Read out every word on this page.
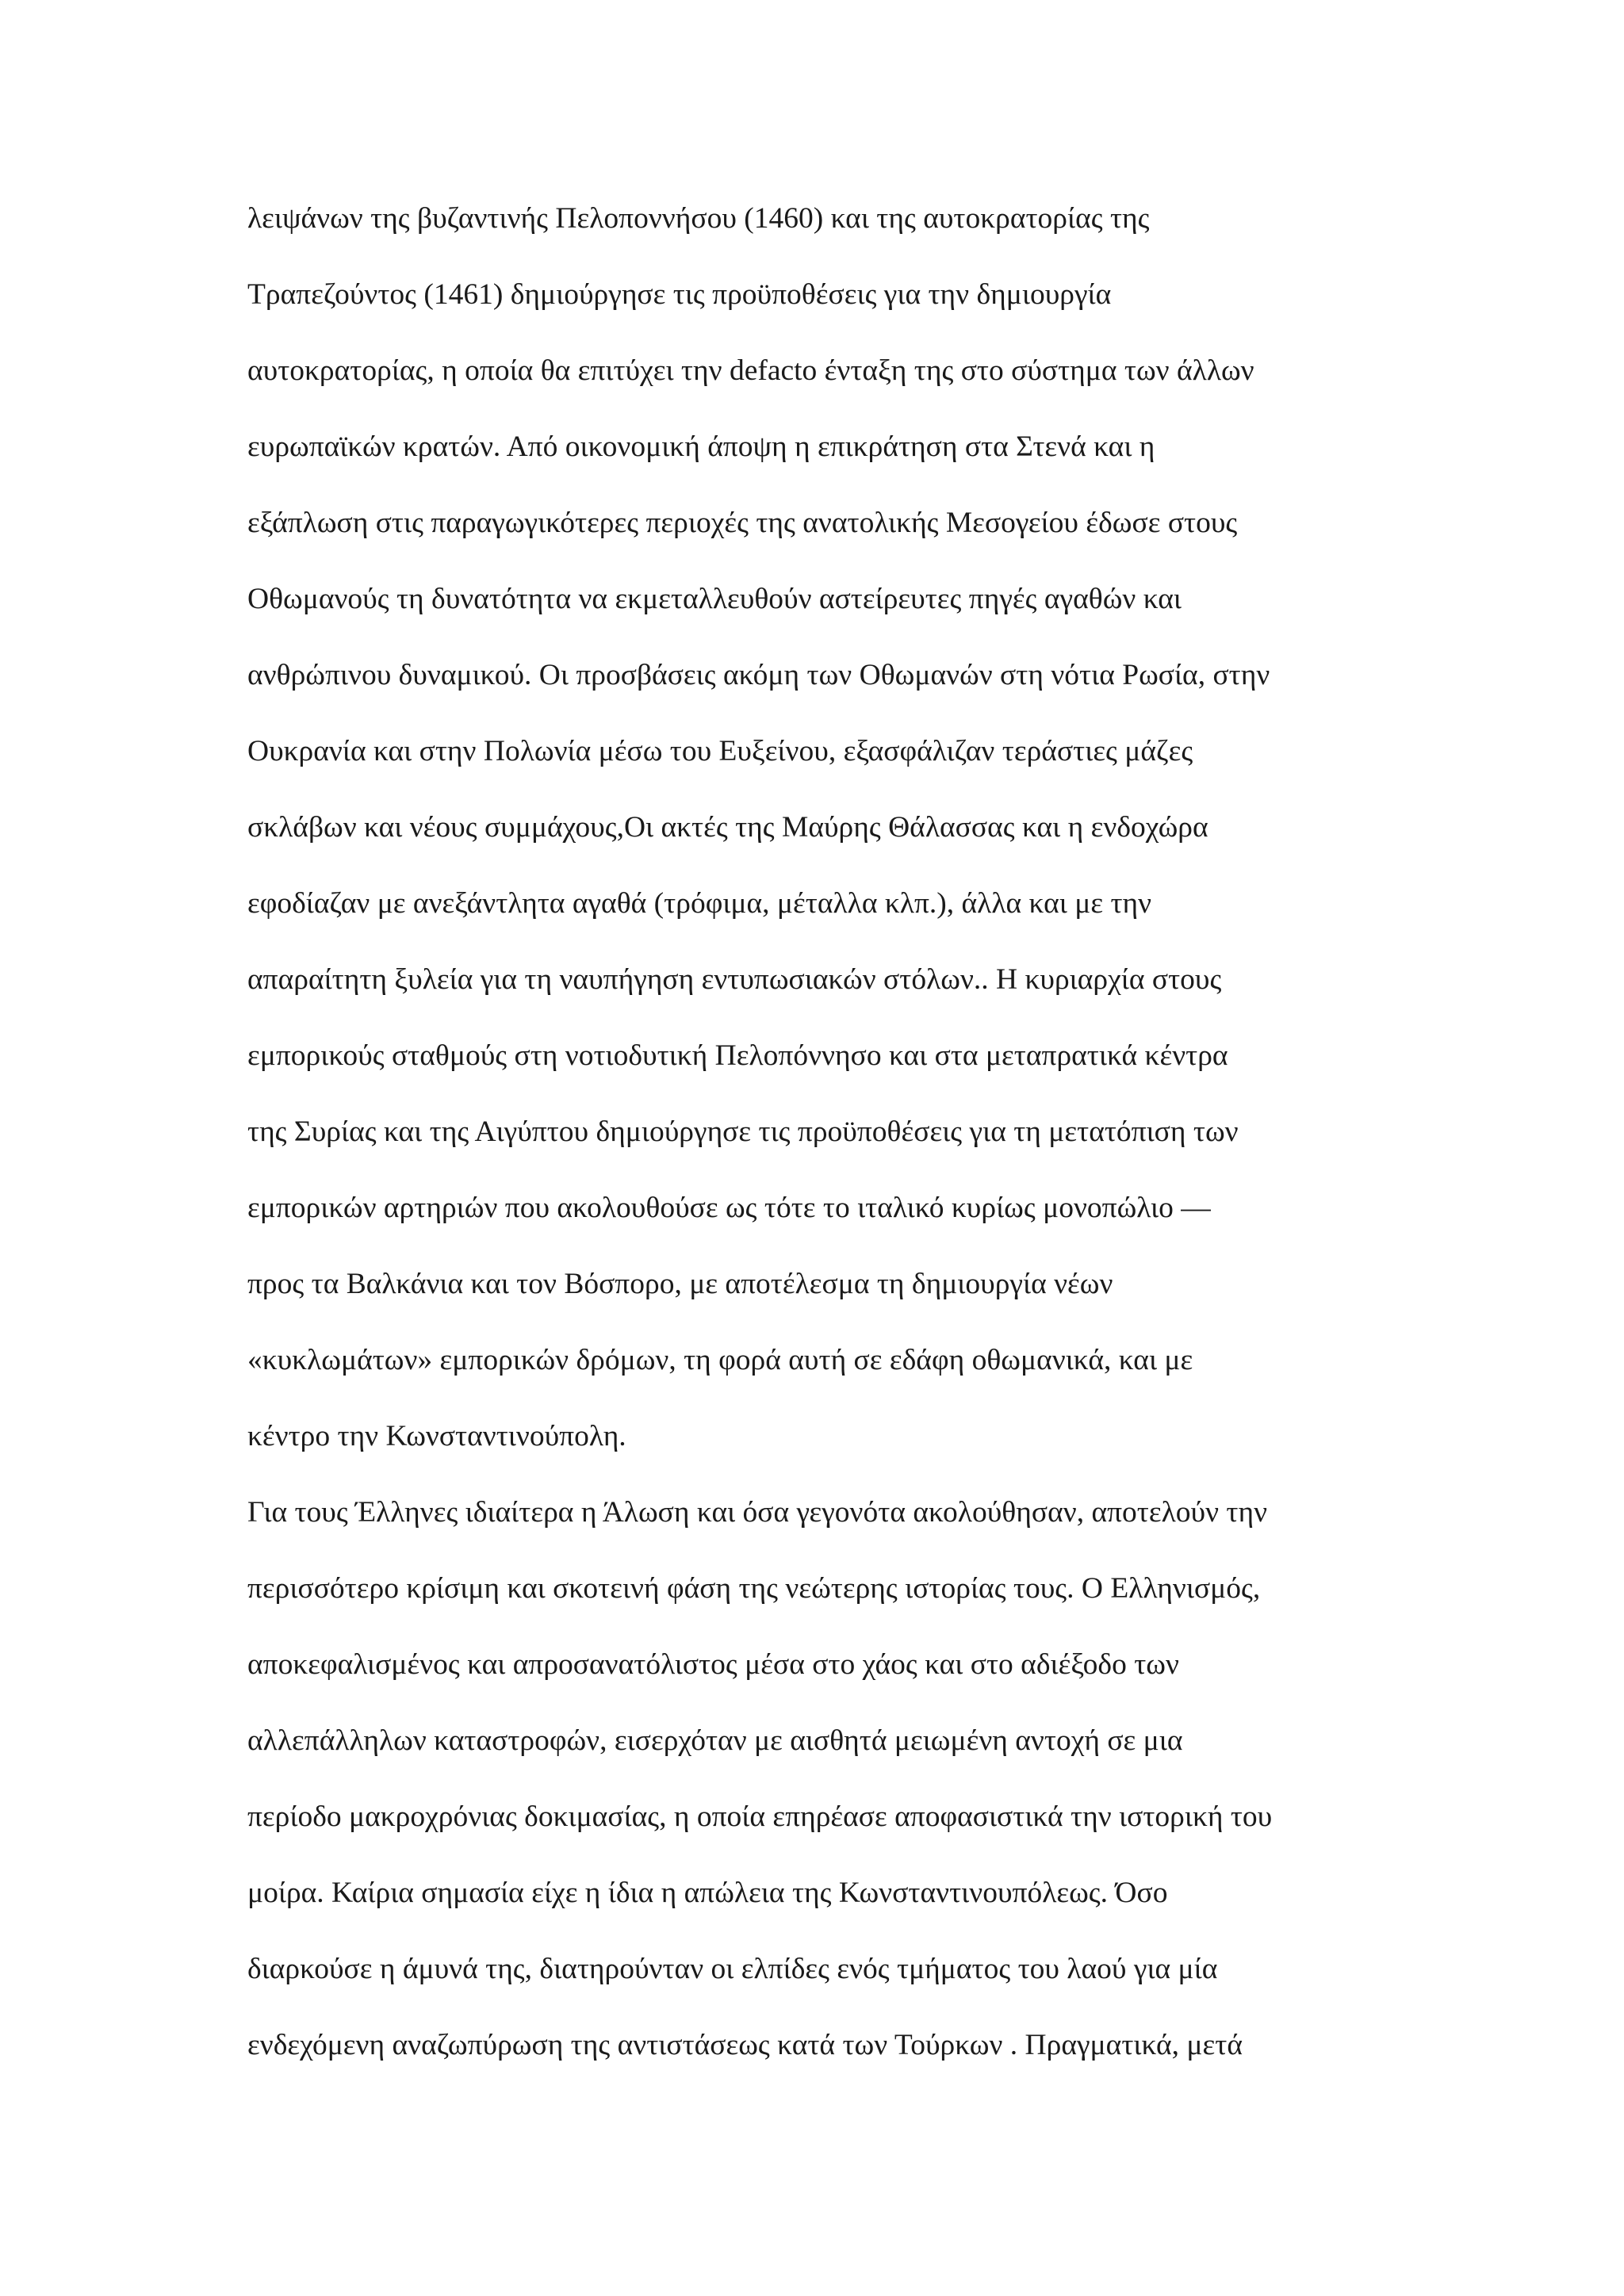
λειψάνων της βυζαντινής Πελοποννήσου (1460) και της αυτοκρατορίας της
Τραπεζούντος (1461) δημιούργησε τις προϋποθέσεις για την δημιουργία
αυτοκρατορίας, η οποία θα επιτύχει την defacto ένταξη της στο σύστημα των άλλων
ευρωπαϊκών κρατών. Από οικονομική άποψη η επικράτηση στα Στενά και η
εξάπλωση στις παραγωγικότερες περιοχές της ανατολικής Μεσογείου έδωσε στους
Οθωμανούς τη δυνατότητα να εκμεταλλευθούν αστείρευτες πηγές αγαθών και
ανθρώπινου δυναμικού. Οι προσβάσεις ακόμη των Οθωμανών στη νότια Ρωσία, στην
Ουκρανία και στην Πολωνία μέσω του Ευξείνου, εξασφάλιζαν τεράστιες μάζες
σκλάβων και νέους συμμάχους,Οι ακτές της Μαύρης Θάλασσας και η ενδοχώρα
εφοδίαζαν με ανεξάντλητα αγαθά (τρόφιμα, μέταλλα κλπ.), άλλα και με την
απαραίτητη ξυλεία για τη ναυπήγηση εντυπωσιακών στόλων.. Η κυριαρχία στους
εμπορικούς σταθμούς στη νοτιοδυτική Πελοπόννησο και στα μεταπρατικά κέντρα
της Συρίας και της Αιγύπτου δημιούργησε τις προϋποθέσεις για τη μετατόπιση των
εμπορικών αρτηριών που ακολουθούσε ως τότε το ιταλικό κυρίως μονοπώλιο —
προς τα Βαλκάνια και τον Βόσπορο, με αποτέλεσμα τη δημιουργία νέων
«κυκλωμάτων» εμπορικών δρόμων, τη φορά αυτή σε εδάφη οθωμανικά, και με
κέντρο την Κωνσταντινούπολη.
Για τους Έλληνες ιδιαίτερα η Άλωση και όσα γεγονότα ακολούθησαν, αποτελούν την
περισσότερο κρίσιμη και σκοτεινή φάση της νεώτερης ιστορίας τους. Ο Ελληνισμός,
αποκεφαλισμένος και απροσανατόλιστος μέσα στο χάος και στο αδιέξοδο των
αλλεπάλληλων καταστροφών, εισερχόταν με αισθητά μειωμένη αντοχή σε μια
περίοδο μακροχρόνιας δοκιμασίας, η οποία επηρέασε αποφασιστικά την ιστορική του
μοίρα. Καίρια σημασία είχε η ίδια η απώλεια της Κωνσταντινουπόλεως. Όσο
διαρκούσε η άμυνά της, διατηρούνταν οι ελπίδες ενός τμήματος του λαού για μία
ενδεχόμενη αναζωπύρωση της αντιστάσεως κατά των Τούρκων . Πραγματικά, μετά
